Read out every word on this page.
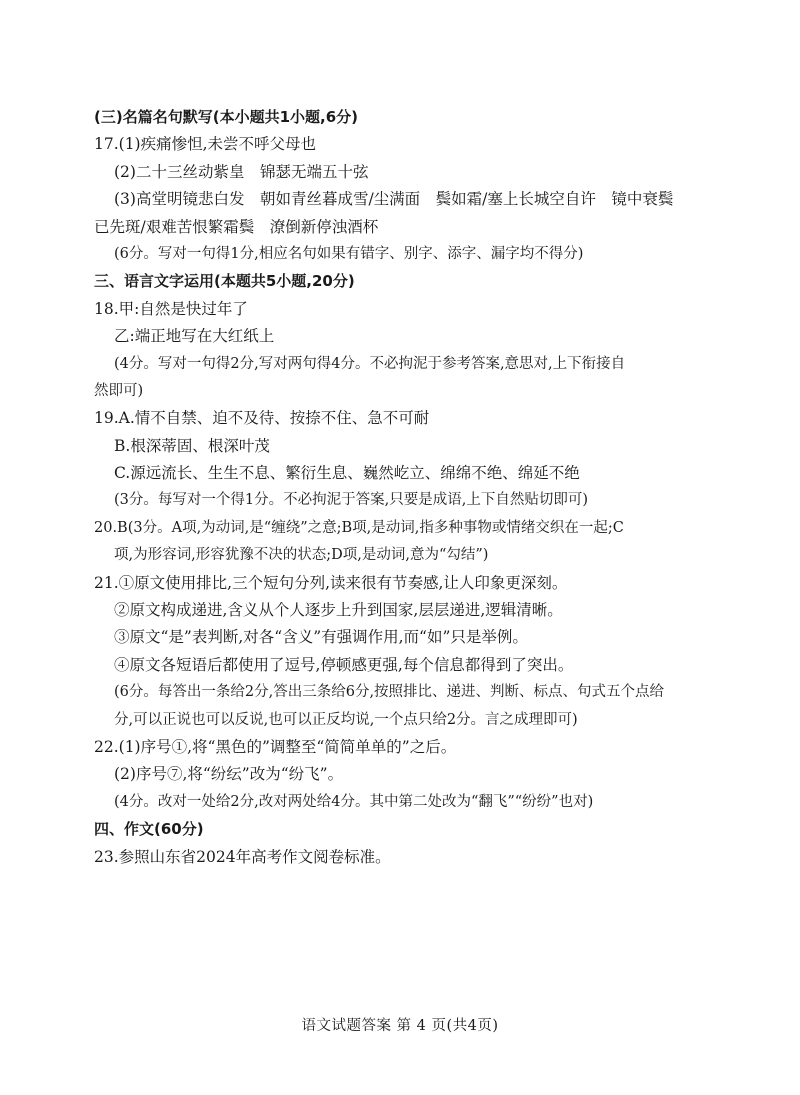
(三)名篇名句默写(本小题共1小题,6分)
17.(1)疾痛惨怛,未尝不呼父母也
(2)二十三丝动紫皇　锦瑟无端五十弦
(3)高堂明镜悲白发　朝如青丝暮成雪/尘满面　鬓如霜/塞上长城空自许　镜中衰鬓
已先斑/艰难苦恨繁霜鬓　潦倒新停浊酒杯
(6分。写对一句得1分,相应名句如果有错字、别字、添字、漏字均不得分)
三、语言文字运用(本题共5小题,20分)
18.甲:自然是快过年了
乙:端正地写在大红纸上
(4分。写对一句得2分,写对两句得4分。不必拘泥于参考答案,意思对,上下衔接自
然即可)
19.A.情不自禁、迫不及待、按捺不住、急不可耐
B.根深蒂固、根深叶茂
C.源远流长、生生不息、繁衍生息、巍然屹立、绵绵不绝、绵延不绝
(3分。每写对一个得1分。不必拘泥于答案,只要是成语,上下自然贴切即可)
20.B(3分。A项,为动词,是“缠绕”之意;B项,是动词,指多种事物或情绪交织在一起;C
项,为形容词,形容犹豫不决的状态;D项,是动词,意为“勾结”)
21.①原文使用排比,三个短句分列,读来很有节奏感,让人印象更深刻。
②原文构成递进,含义从个人逐步上升到国家,层层递进,逻辑清晰。
③原文“是”表判断,对各“含义”有强调作用,而“如”只是举例。
④原文各短语后都使用了逗号,停顿感更强,每个信息都得到了突出。
(6分。每答出一条给2分,答出三条给6分,按照排比、递进、判断、标点、句式五个点给
分,可以正说也可以反说,也可以正反均说,一个点只给2分。言之成理即可)
22.(1)序号①,将“黑色的”调整至“简简单单的”之后。
(2)序号⑦,将“纷纭”改为“纷飞”。
(4分。改对一处给2分,改对两处给4分。其中第二处改为“翻飞”“纷纷”也对)
四、作文(60分)
23.参照山东省2024年高考作文阅卷标准。
语文试题答案 第 4 页(共4页)
